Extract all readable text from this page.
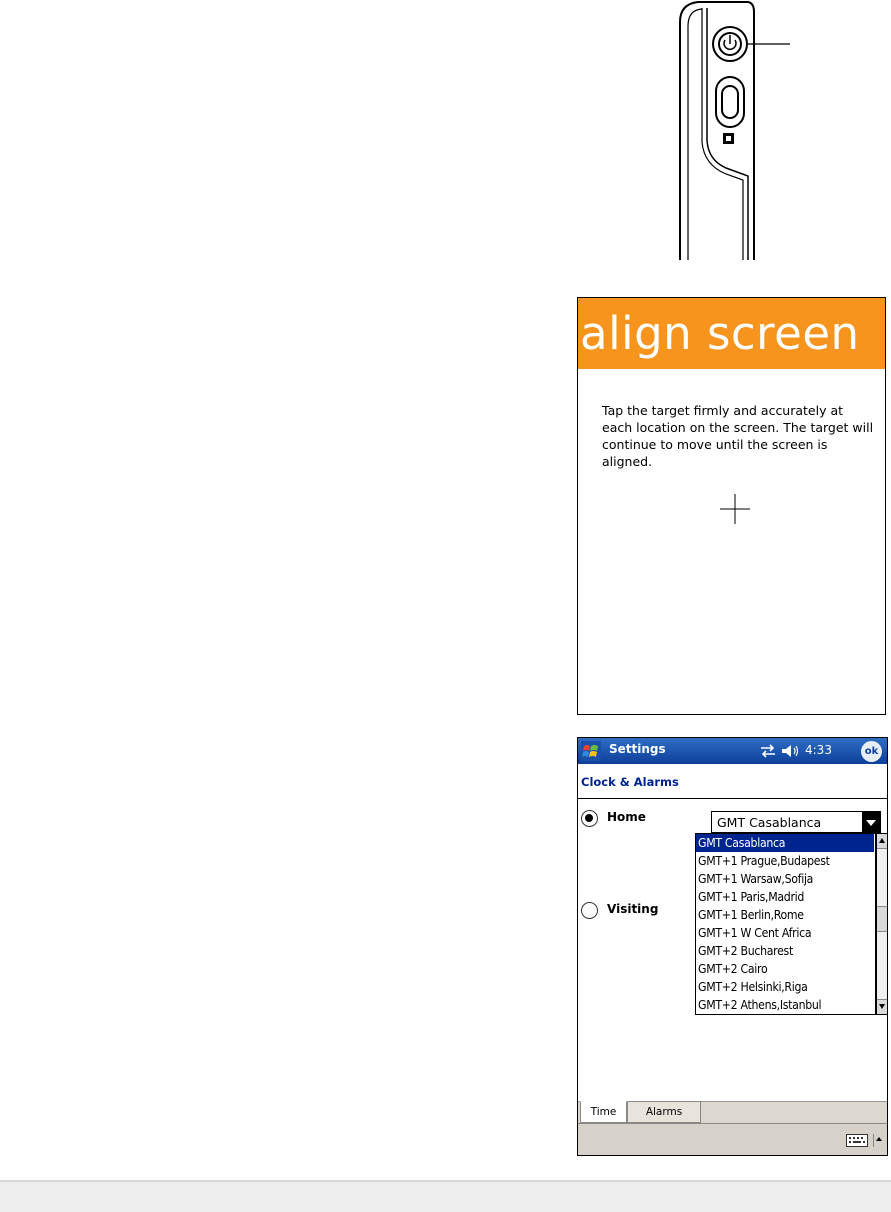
align screen
Tap the target firmly and accurately at each location on the screen. The target will continue to move until the screen is aligned.
Settings	4:33	ok
Clock & Alarms
Home
Visiting
GMT Casablanca
GMT Casablanca
GMT+1 Prague,Budapest
GMT+1 Warsaw,Sofija
GMT+1 Paris,Madrid
GMT+1 Berlin,Rome
GMT+1 W Cent Africa
GMT+2 Bucharest
GMT+2 Cairo
GMT+2 Helsinki,Riga
GMT+2 Athens,Istanbul
Time	Alarms
